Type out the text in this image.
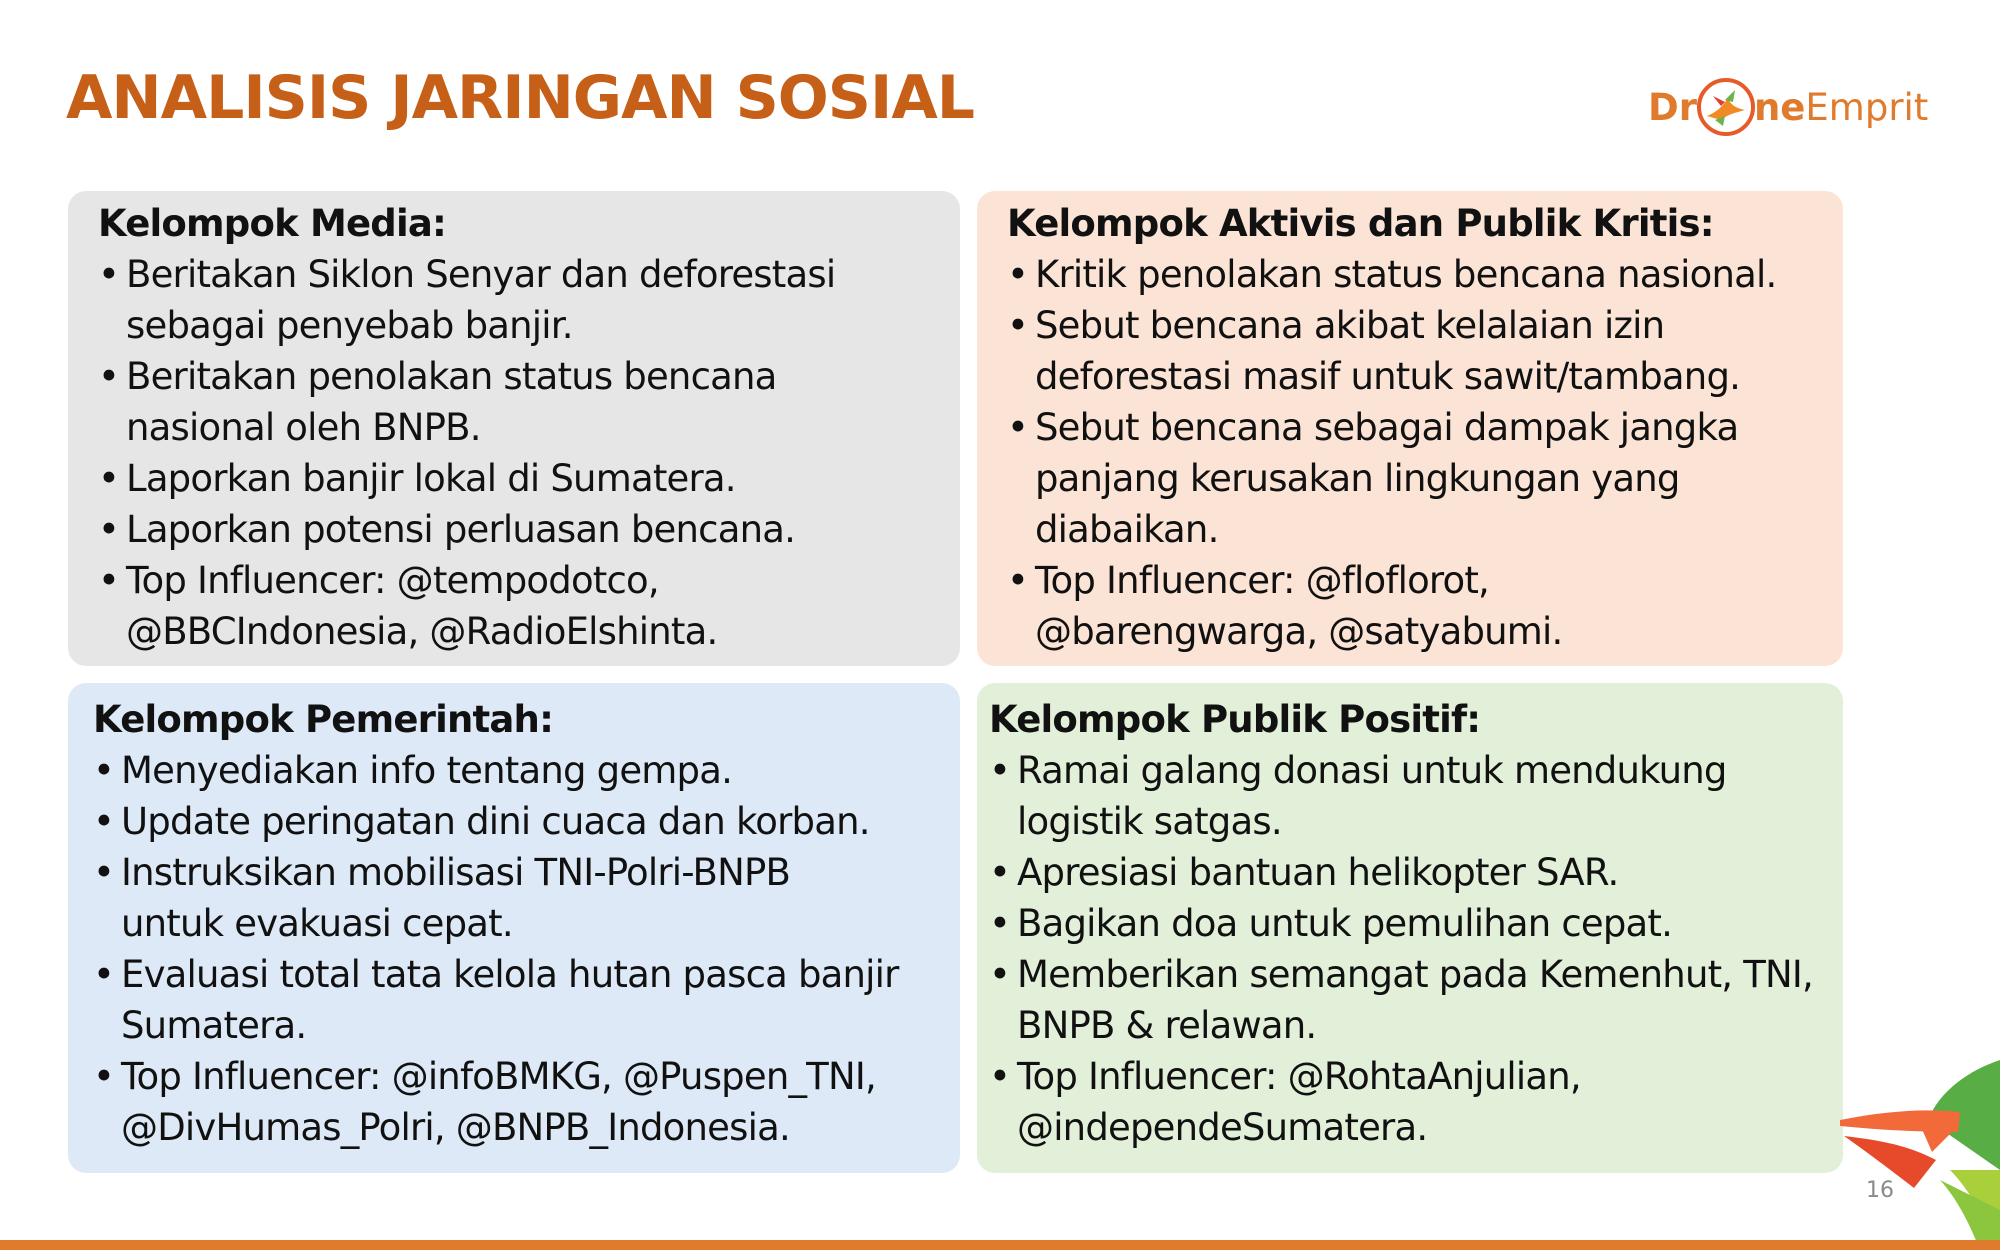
ANALISIS JARINGAN SOSIAL	Dr ne Emprit
Kelompok Media:
• Beritakan Siklon Senyar dan deforestasi
sebagai penyebab banjir.
• Beritakan penolakan status bencana
nasional oleh BNPB.
• Laporkan banjir lokal di Sumatera.
• Laporkan potensi perluasan bencana.
• Top Influencer: @tempodotco,
@BBCIndonesia, @RadioElshinta.
Kelompok Aktivis dan Publik Kritis:
• Kritik penolakan status bencana nasional.
• Sebut bencana akibat kelalaian izin
deforestasi masif untuk sawit/tambang.
• Sebut bencana sebagai dampak jangka
panjang kerusakan lingkungan yang
diabaikan.
• Top Influencer: @floflorot,
@barengwarga, @satyabumi.
Kelompok Pemerintah:
• Menyediakan info tentang gempa.
• Update peringatan dini cuaca dan korban.
• Instruksikan mobilisasi TNI-Polri-BNPB
untuk evakuasi cepat.
• Evaluasi total tata kelola hutan pasca banjir
Sumatera.
• Top Influencer: @infoBMKG, @Puspen_TNI,
@DivHumas_Polri, @BNPB_Indonesia.
Kelompok Publik Positif:
• Ramai galang donasi untuk mendukung
logistik satgas.
• Apresiasi bantuan helikopter SAR.
• Bagikan doa untuk pemulihan cepat.
• Memberikan semangat pada Kemenhut, TNI,
BNPB & relawan.
• Top Influencer: @RohtaAnjulian,
@independeSumatera.
16
